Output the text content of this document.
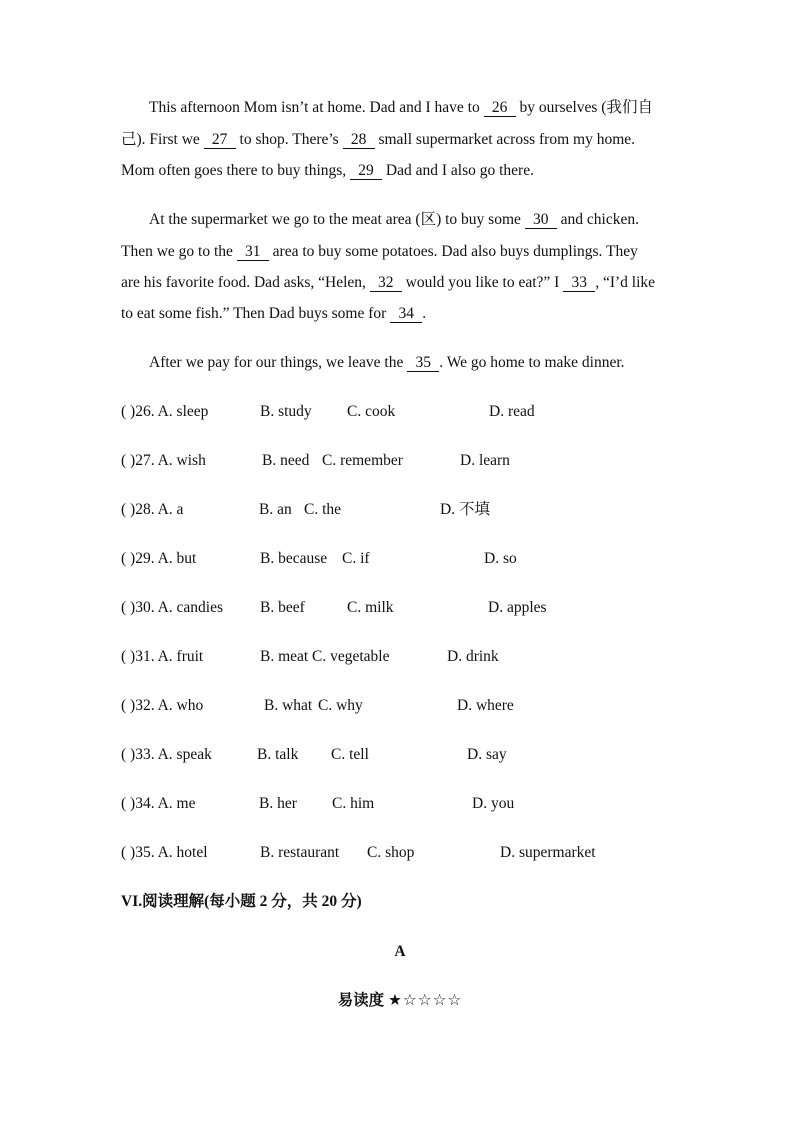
This afternoon Mom isn’t at home. Dad and I have to 26 by ourselves (我们自
己). First we 27 to shop. There’s 28 small supermarket across from my home.
Mom often goes there to buy things, 29 Dad and I also go there.
At the supermarket we go to the meat area (区) to buy some 30 and chicken.
Then we go to the 31 area to buy some potatoes. Dad also buys dumplings. They
are his favorite food. Dad asks, “Helen, 32 would you like to eat?” I 33 , “I’d like
to eat some fish.” Then Dad buys some for 34 .
After we pay for our things, we leave the 35 . We go home to make dinner.
( )26. A. sleep	B. study C. cook	D. read
( )27. A. wish	B. need C. remember	D. learn
( )28. A. a	B. an C. the	D. 不填
( )29. A. but	B. because C. if	D. so
( )30. A. candies B. beef	C. milk	D. apples
( )31. A. fruit	B. meat C. vegetable	D. drink
( )32. A. who	B. what C. why	D. where
( )33. A. speak	B. talk C. tell	D. say
( )34. A. me	B. her C. him	D. you
( )35. A. hotel	B. restaurant C. shop	D. supermarket
VI.阅读理解(每小题 2 分，共 20 分)
A
易读度 ★☆☆☆☆
